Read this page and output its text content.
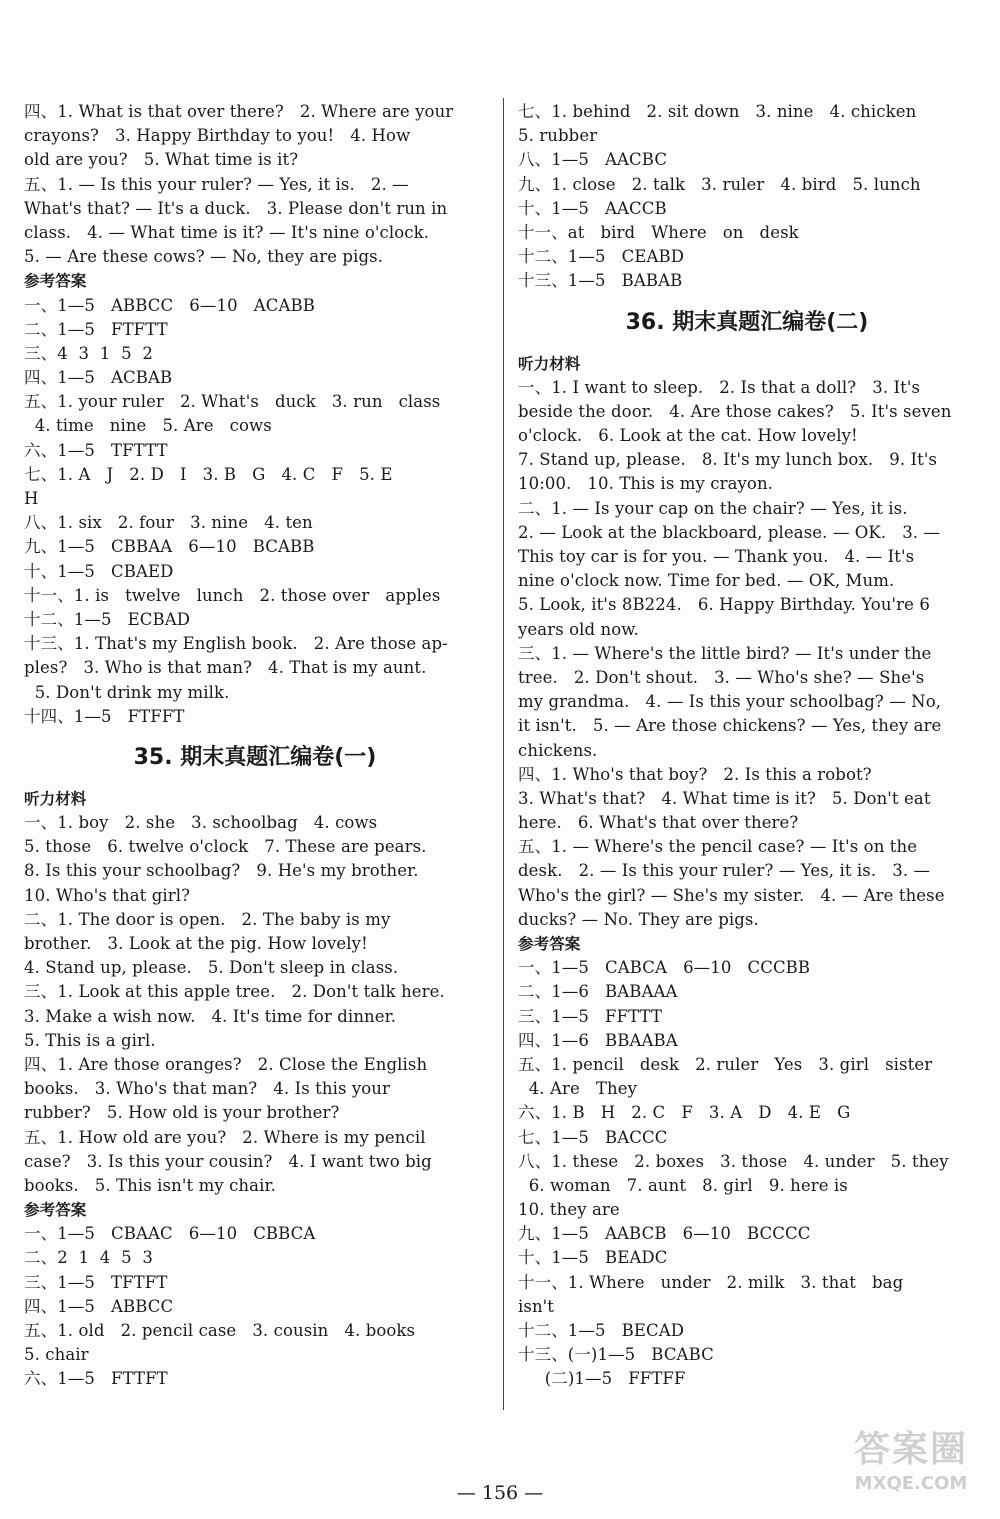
四、1. What is that over there?   2. Where are your
crayons?   3. Happy Birthday to you!   4. How
old are you?   5. What time is it?
五、1. — Is this your ruler? — Yes, it is.   2. —
What's that? — It's a duck.   3. Please don't run in
class.   4. — What time is it? — It's nine o'clock.
5. — Are these cows? — No, they are pigs.
参考答案
一、1—5   ABBCC   6—10   ACABB
二、1—5   FTFTT
三、4  3  1  5  2
四、1—5   ACBAB
五、1. your ruler   2. What's   duck   3. run   class
4. time   nine   5. Are   cows
六、1—5   TFTTT
七、1. A   J   2. D   I   3. B   G   4. C   F   5. E
H
八、1. six   2. four   3. nine   4. ten
九、1—5   CBBAA   6—10   BCABB
十、1—5   CBAED
十一、1. is   twelve   lunch   2. those over   apples
十二、1—5   ECBAD
十三、1. That's my English book.   2. Are those ap-
ples?   3. Who is that man?   4. That is my aunt.
5. Don't drink my milk.
十四、1—5   FTFFT
35. 期末真题汇编卷(一)
听力材料
一、1. boy   2. she   3. schoolbag   4. cows
5. those   6. twelve o'clock   7. These are pears.
8. Is this your schoolbag?   9. He's my brother.
10. Who's that girl?
二、1. The door is open.   2. The baby is my
brother.   3. Look at the pig. How lovely!
4. Stand up, please.   5. Don't sleep in class.
三、1. Look at this apple tree.   2. Don't talk here.
3. Make a wish now.   4. It's time for dinner.
5. This is a girl.
四、1. Are those oranges?   2. Close the English
books.   3. Who's that man?   4. Is this your
rubber?   5. How old is your brother?
五、1. How old are you?   2. Where is my pencil
case?   3. Is this your cousin?   4. I want two big
books.   5. This isn't my chair.
参考答案
一、1—5   CBAAC   6—10   CBBCA
二、2  1  4  5  3
三、1—5   TFTFT
四、1—5   ABBCC
五、1. old   2. pencil case   3. cousin   4. books
5. chair
六、1—5   FTTFT
七、1. behind   2. sit down   3. nine   4. chicken
5. rubber
八、1—5   AACBC
九、1. close   2. talk   3. ruler   4. bird   5. lunch
十、1—5   AACCB
十一、at   bird   Where   on   desk
十二、1—5   CEABD
十三、1—5   BABAB
36. 期末真题汇编卷(二)
听力材料
一、1. I want to sleep.   2. Is that a doll?   3. It's
beside the door.   4. Are those cakes?   5. It's seven
o'clock.   6. Look at the cat. How lovely!
7. Stand up, please.   8. It's my lunch box.   9. It's
10:00.   10. This is my crayon.
二、1. — Is your cap on the chair? — Yes, it is.
2. — Look at the blackboard, please. — OK.   3. —
This toy car is for you. — Thank you.   4. — It's
nine o'clock now. Time for bed. — OK, Mum.
5. Look, it's 8B224.   6. Happy Birthday. You're 6
years old now.
三、1. — Where's the little bird? — It's under the
tree.   2. Don't shout.   3. — Who's she? — She's
my grandma.   4. — Is this your schoolbag? — No,
it isn't.   5. — Are those chickens? — Yes, they are
chickens.
四、1. Who's that boy?   2. Is this a robot?
3. What's that?   4. What time is it?   5. Don't eat
here.   6. What's that over there?
五、1. — Where's the pencil case? — It's on the
desk.   2. — Is this your ruler? — Yes, it is.   3. —
Who's the girl? — She's my sister.   4. — Are these
ducks? — No. They are pigs.
参考答案
一、1—5   CABCA   6—10   CCCBB
二、1—6   BABAAA
三、1—5   FFTTT
四、1—6   BBAABA
五、1. pencil   desk   2. ruler   Yes   3. girl   sister
4. Are   They
六、1. B   H   2. C   F   3. A   D   4. E   G
七、1—5   BACCC
八、1. these   2. boxes   3. those   4. under   5. they
6. woman   7. aunt   8. girl   9. here is
10. they are
九、1—5   AABCB   6—10   BCCCC
十、1—5   BEADC
十一、1. Where   under   2. milk   3. that   bag
isn't
十二、1—5   BECAD
十三、(一)1—5   BCABC
(二)1—5   FFTFF
— 156 —
答案圈
MXQE.COM
